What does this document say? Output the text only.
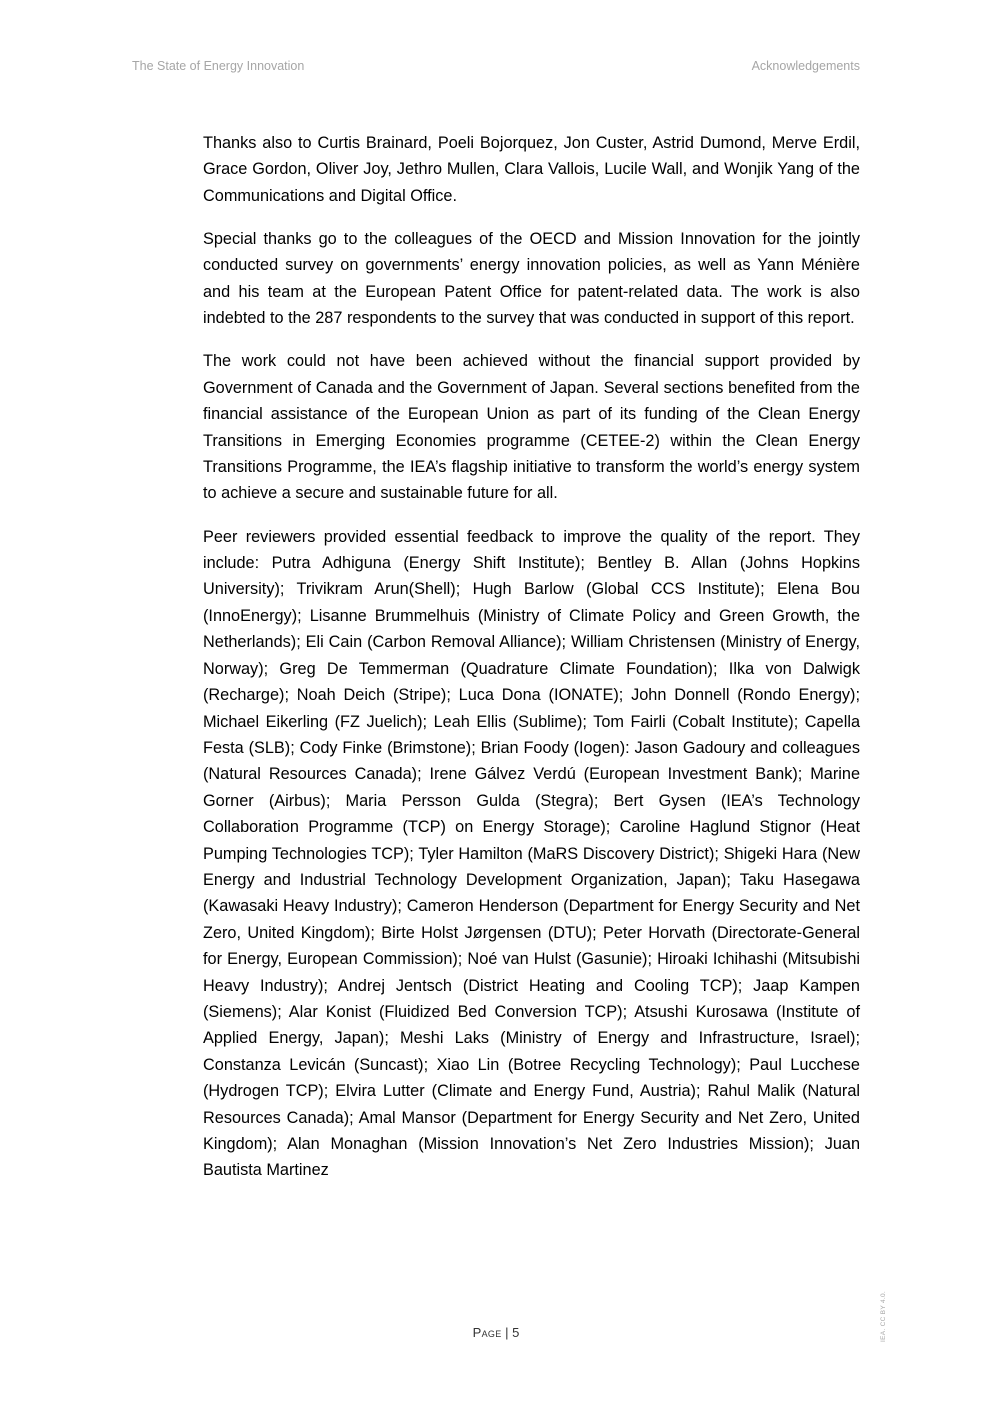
The State of Energy Innovation	Acknowledgements

Thanks also to Curtis Brainard, Poeli Bojorquez, Jon Custer, Astrid Dumond, Merve Erdil, Grace Gordon, Oliver Joy, Jethro Mullen, Clara Vallois, Lucile Wall, and Wonjik Yang of the Communications and Digital Office.

Special thanks go to the colleagues of the OECD and Mission Innovation for the jointly conducted survey on governments’ energy innovation policies, as well as Yann Ménière and his team at the European Patent Office for patent-related data. The work is also indebted to the 287 respondents to the survey that was conducted in support of this report.

The work could not have been achieved without the financial support provided by Government of Canada and the Government of Japan. Several sections benefited from the financial assistance of the European Union as part of its funding of the Clean Energy Transitions in Emerging Economies programme (CETEE-2) within the Clean Energy Transitions Programme, the IEA’s flagship initiative to transform the world’s energy system to achieve a secure and sustainable future for all.

Peer reviewers provided essential feedback to improve the quality of the report. They include: Putra Adhiguna (Energy Shift Institute); Bentley B. Allan (Johns Hopkins University); Trivikram Arun(Shell); Hugh Barlow (Global CCS Institute); Elena Bou (InnoEnergy); Lisanne Brummelhuis (Ministry of Climate Policy and Green Growth, the Netherlands); Eli Cain (Carbon Removal Alliance); William Christensen (Ministry of Energy, Norway); Greg De Temmerman (Quadrature Climate Foundation); Ilka von Dalwigk (Recharge); Noah Deich (Stripe); Luca Dona (IONATE); John Donnell (Rondo Energy); Michael Eikerling (FZ Juelich); Leah Ellis (Sublime); Tom Fairli (Cobalt Institute); Capella Festa (SLB); Cody Finke (Brimstone); Brian Foody (Iogen): Jason Gadoury and colleagues (Natural Resources Canada); Irene Gálvez Verdú (European Investment Bank); Marine Gorner (Airbus); Maria Persson Gulda (Stegra); Bert Gysen (IEA’s Technology Collaboration Programme (TCP) on Energy Storage); Caroline Haglund Stignor (Heat Pumping Technologies TCP); Tyler Hamilton (MaRS Discovery District); Shigeki Hara (New Energy and Industrial Technology Development Organization, Japan); Taku Hasegawa (Kawasaki Heavy Industry); Cameron Henderson (Department for Energy Security and Net Zero, United Kingdom); Birte Holst Jørgensen (DTU); Peter Horvath (Directorate-General for Energy, European Commission); Noé van Hulst (Gasunie); Hiroaki Ichihashi (Mitsubishi Heavy Industry); Andrej Jentsch (District Heating and Cooling TCP); Jaap Kampen (Siemens); Alar Konist (Fluidized Bed Conversion TCP); Atsushi Kurosawa (Institute of Applied Energy, Japan); Meshi Laks (Ministry of Energy and Infrastructure, Israel); Constanza Levicán (Suncast); Xiao Lin (Botree Recycling Technology); Paul Lucchese (Hydrogen TCP); Elvira Lutter (Climate and Energy Fund, Austria); Rahul Malik (Natural Resources Canada); Amal Mansor (Department for Energy Security and Net Zero, United Kingdom); Alan Monaghan (Mission Innovation’s Net Zero Industries Mission); Juan Bautista Martinez

Page | 5	IEA. CC BY 4.0.
